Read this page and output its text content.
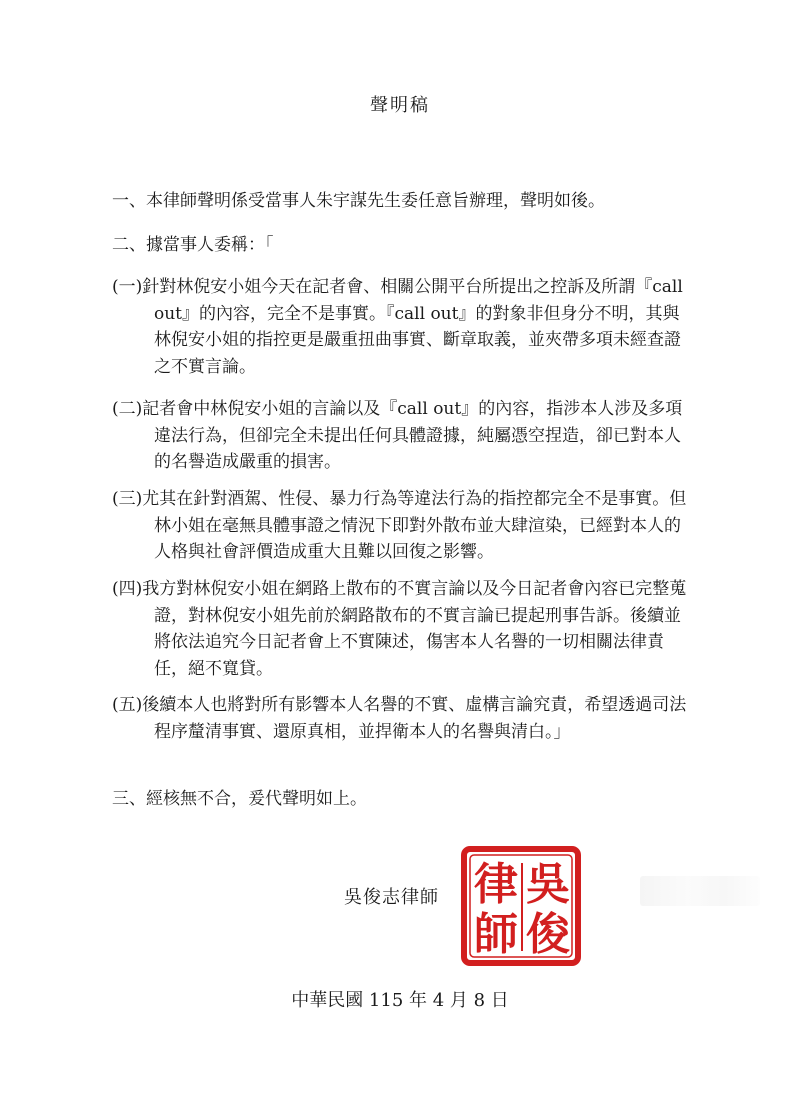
聲明稿
一、本律師聲明係受當事人朱宇謀先生委任意旨辦理，聲明如後。
二、據當事人委稱：「
(一)針對林倪安小姐今天在記者會、相關公開平台所提出之控訴及所謂『call out』的內容，完全不是事實。『call out』的對象非但身分不明，其與林倪安小姐的指控更是嚴重扭曲事實、斷章取義，並夾帶多項未經查證之不實言論。
(二)記者會中林倪安小姐的言論以及『call out』的內容，指涉本人涉及多項違法行為，但卻完全未提出任何具體證據，純屬憑空捏造，卻已對本人的名譽造成嚴重的損害。
(三)尤其在針對酒駕、性侵、暴力行為等違法行為的指控都完全不是事實。但林小姐在毫無具體事證之情況下即對外散布並大肆渲染，已經對本人的人格與社會評價造成重大且難以回復之影響。
(四)我方對林倪安小姐在網路上散布的不實言論以及今日記者會內容已完整蒐證，對林倪安小姐先前於網路散布的不實言論已提起刑事告訴。後續並將依法追究今日記者會上不實陳述，傷害本人名譽的一切相關法律責任，絕不寬貸。
(五)後續本人也將對所有影響本人名譽的不實、虛構言論究責，希望透過司法程序釐清事實、還原真相，並捍衛本人的名譽與清白。」
三、經核無不合，爰代聲明如上。
吳俊志律師 吳
俊
律
師
中華民國 115 年 4 月 8 日
